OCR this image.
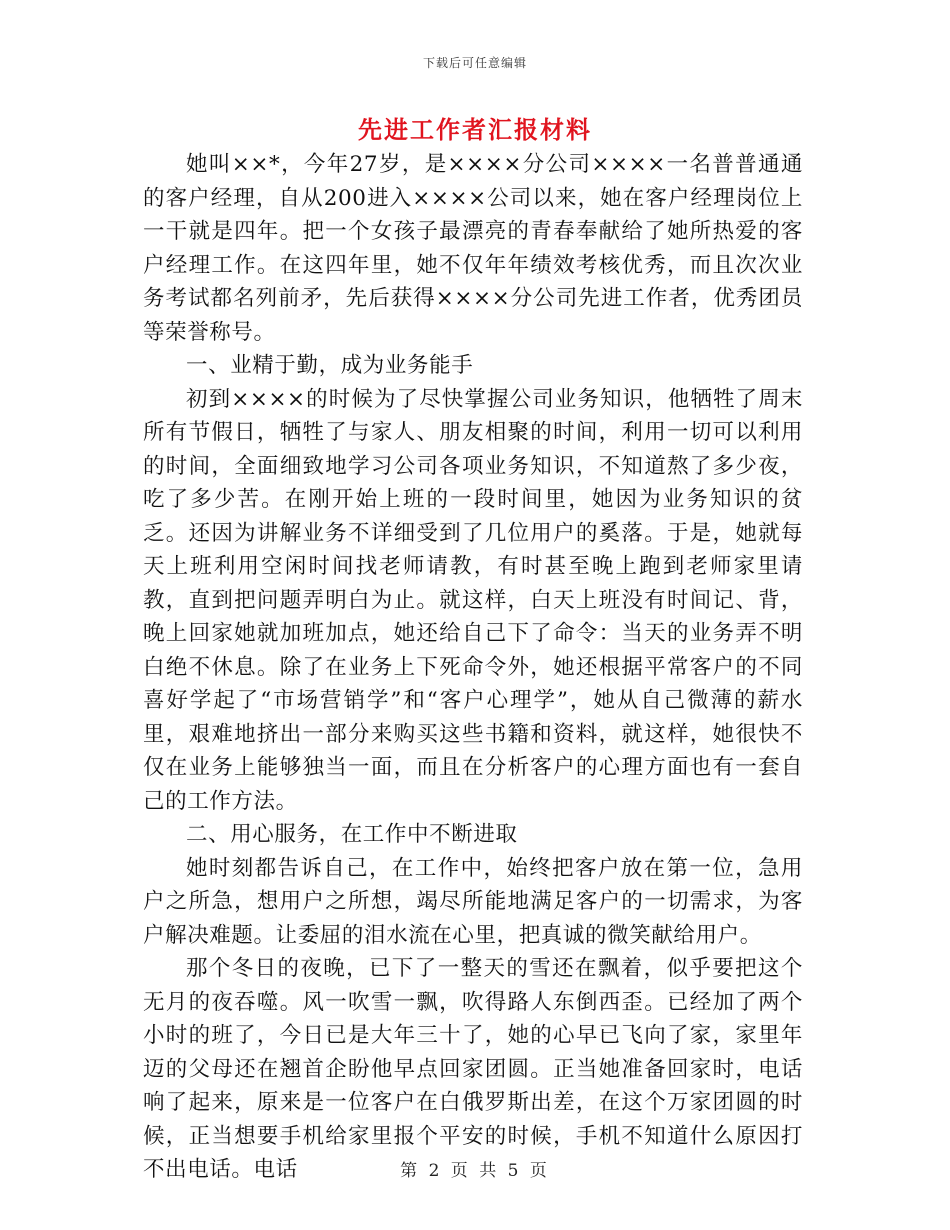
下载后可任意编辑
先进工作者汇报材料

她叫××*，今年27岁，是××××分公司××××一名普普通通的客户经理，自从200进入××××公司以来，她在客户经理岗位上一干就是四年。把一个女孩子最漂亮的青春奉献给了她所热爱的客户经理工作。在这四年里，她不仅年年绩效考核优秀，而且次次业务考试都名列前矛，先后获得××××分公司先进工作者，优秀团员等荣誉称号。

一、业精于勤，成为业务能手

初到××××的时候为了尽快掌握公司业务知识，他牺牲了周末所有节假日，牺牲了与家人、朋友相聚的时间，利用一切可以利用的时间，全面细致地学习公司各项业务知识，不知道熬了多少夜，吃了多少苦。在刚开始上班的一段时间里，她因为业务知识的贫乏。还因为讲解业务不详细受到了几位用户的奚落。于是，她就每天上班利用空闲时间找老师请教，有时甚至晚上跑到老师家里请教，直到把问题弄明白为止。就这样，白天上班没有时间记、背，晚上回家她就加班加点，她还给自己下了命令：当天的业务弄不明白绝不休息。除了在业务上下死命令外，她还根据平常客户的不同喜好学起了“市场营销学”和“客户心理学”，她从自己微薄的薪水里，艰难地挤出一部分来购买这些书籍和资料，就这样，她很快不仅在业务上能够独当一面，而且在分析客户的心理方面也有一套自己的工作方法。

二、用心服务，在工作中不断进取

她时刻都告诉自己，在工作中，始终把客户放在第一位，急用户之所急，想用户之所想，竭尽所能地满足客户的一切需求，为客户解决难题。让委屈的泪水流在心里，把真诚的微笑献给用户。

那个冬日的夜晚，已下了一整天的雪还在飘着，似乎要把这个无月的夜吞噬。风一吹雪一飘，吹得路人东倒西歪。已经加了两个小时的班了，今日已是大年三十了，她的心早已飞向了家，家里年迈的父母还在翘首企盼他早点回家团圆。正当她准备回家时，电话响了起来，原来是一位客户在白俄罗斯出差，在这个万家团圆的时候，正当想要手机给家里报个平安的时候，手机不知道什么原因打不出电话。电话	第 2 页 共 5 页
